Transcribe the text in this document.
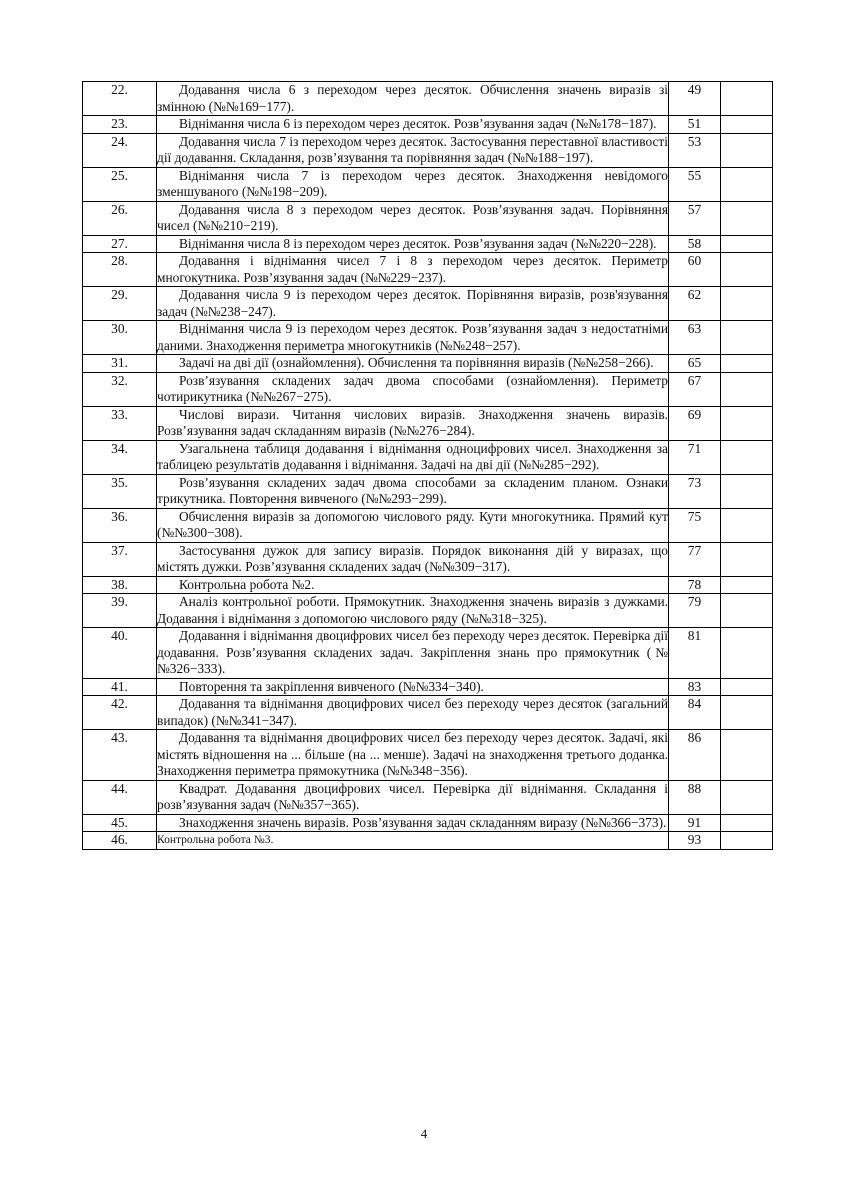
22.	Додавання числа 6 з переходом через десяток. Обчислення значень виразів зі змінною (№№169−177).	49	
23.	Віднімання числа 6 із переходом через десяток. Розв’язування задач (№№178−187).	51	
24.	Додавання числа 7 із переходом через десяток. Застосування переставної властивості дії додавання. Складання, розв’язування та порівняння задач (№№188−197).	53	
25.	Віднімання числа 7 із переходом через десяток. Знаходження невідомого зменшуваного (№№198−209).	55	
26.	Додавання числа 8 з переходом через десяток. Розв’язування задач. Порівняння чисел (№№210−219).	57	
27.	Віднімання числа 8 із переходом через десяток. Розв’язування задач (№№220−228).	58	
28.	Додавання і віднімання чисел 7 і 8 з переходом через десяток. Периметр многокутника. Розв’язування задач (№№229−237).	60	
29.	Додавання числа 9 із переходом через десяток. Порівняння виразів, розв'язування задач (№№238−247).	62	
30.	Віднімання числа 9 із переходом через десяток. Розв’язування задач з недостатніми даними. Знаходження периметра многокутників (№№248−257).	63	
31.	Задачі на дві дії (ознайомлення). Обчислення та порівняння виразів (№№258−266).	65	
32.	Розв’язування складених задач двома способами (ознайомлення). Периметр чотирикутника (№№267−275).	67	
33.	Числові вирази. Читання числових виразів. Знаходження значень виразів. Розв’язування задач складанням виразів (№№276−284).	69	
34.	Узагальнена таблиця додавання і віднімання одноцифрових чисел. Знаходження за таблицею результатів додавання і віднімання. Задачі на дві дії (№№285−292).	71	
35.	Розв’язування складених задач двома способами за складеним планом. Ознаки трикутника. Повторення вивченого (№№293−299).	73	
36.	Обчислення виразів за допомогою числового ряду. Кути многокутника. Прямий кут (№№300−308).	75	
37.	Застосування дужок для запису виразів. Порядок виконання дій у виразах, що містять дужки. Розв’язування складених задач (№№309−317).	77	
38.	Контрольна робота №2.	78	
39.	Аналіз контрольної роботи. Прямокутник. Знаходження значень виразів з дужками. Додавання і віднімання з допомогою числового ряду (№№318−325).	79	
40.	Додавання і віднімання двоцифрових чисел без переходу через десяток. Перевірка дії додавання. Розв’язування складених задач. Закріплення знань про прямокутник (№№326−333).	81	
41.	Повторення та закріплення вивченого (№№334−340).	83	
42.	Додавання та віднімання двоцифрових чисел без переходу через десяток (загальний випадок) (№№341−347).	84	
43.	Додавання та віднімання двоцифрових чисел без переходу через десяток. Задачі, які містять відношення на ... більше (на ... менше). Задачі на знаходження третього доданка. Знаходження периметра прямокутника (№№348−356).	86	
44.	Квадрат. Додавання двоцифрових чисел. Перевірка дії віднімання. Складання і розв’язування задач (№№357−365).	88	
45.	Знаходження значень виразів. Розв’язування задач складанням виразу (№№366−373).	91	
46.	Контрольна робота №3.	93	
4
